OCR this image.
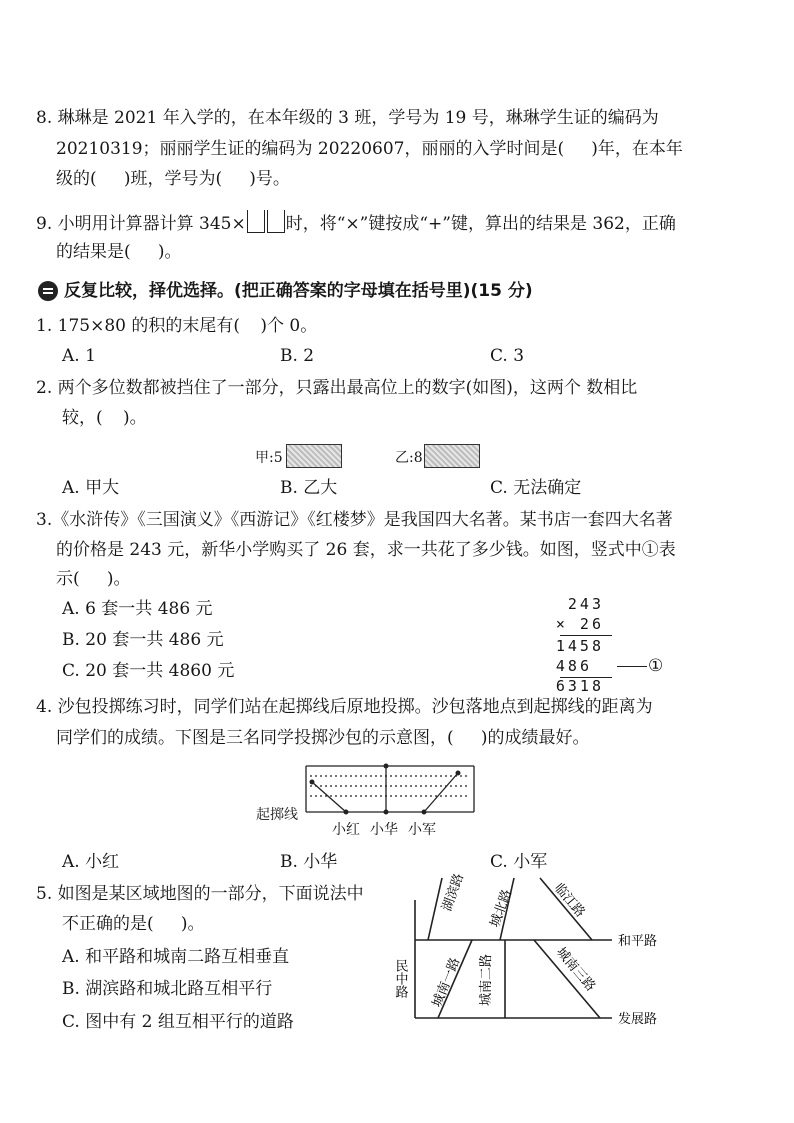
8. 琳琳是 2021 年入学的，在本年级的 3 班，学号为 19 号，琳琳学生证的编码为
20210319；丽丽学生证的编码为 20220607，丽丽的入学时间是( )年，在本年
级的( )班，学号为( )号。
9. 小明用计算器计算 345× 时，将“×”键按成“+”键，算出的结果是 362，正确
的结果是( )。
反复比较，择优选择。(把正确答案的字母填在括号里)(15 分)
1. 175×80 的积的末尾有( )个 0。
A. 1	B. 2	C. 3
2. 两个多位数都被挡住了一部分，只露出最高位上的数字(如图)，这两个 数相比
较，( )。
甲:5	乙:8
A. 甲大	B. 乙大	C. 无法确定
3.《水浒传》《三国演义》《西游记》《红楼梦》是我国四大名著。某书店一套四大名著
的价格是 243 元，新华小学购买了 26 套，求一共花了多少钱。如图，竖式中①表
示( )。
A. 6 套一共 486 元
B. 20 套一共 486 元
C. 20 套一共 4860 元
243
× 26
1458
486	①
6318
4. 沙包投掷练习时，同学们站在起掷线后原地投掷。沙包落地点到起掷线的距离为
同学们的成绩。下图是三名同学投掷沙包的示意图，( )的成绩最好。
起掷线
小红 小华 小军
A. 小红	B. 小华	C. 小军
5. 如图是某区域地图的一部分，下面说法中
不正确的是( )。
A. 和平路和城南二路互相垂直
B. 湖滨路和城北路互相平行
C. 图中有 2 组互相平行的道路
湖滨路 城北路	临江路
和平路
民中路 城南一路 城南二路	城南三路
发展路
